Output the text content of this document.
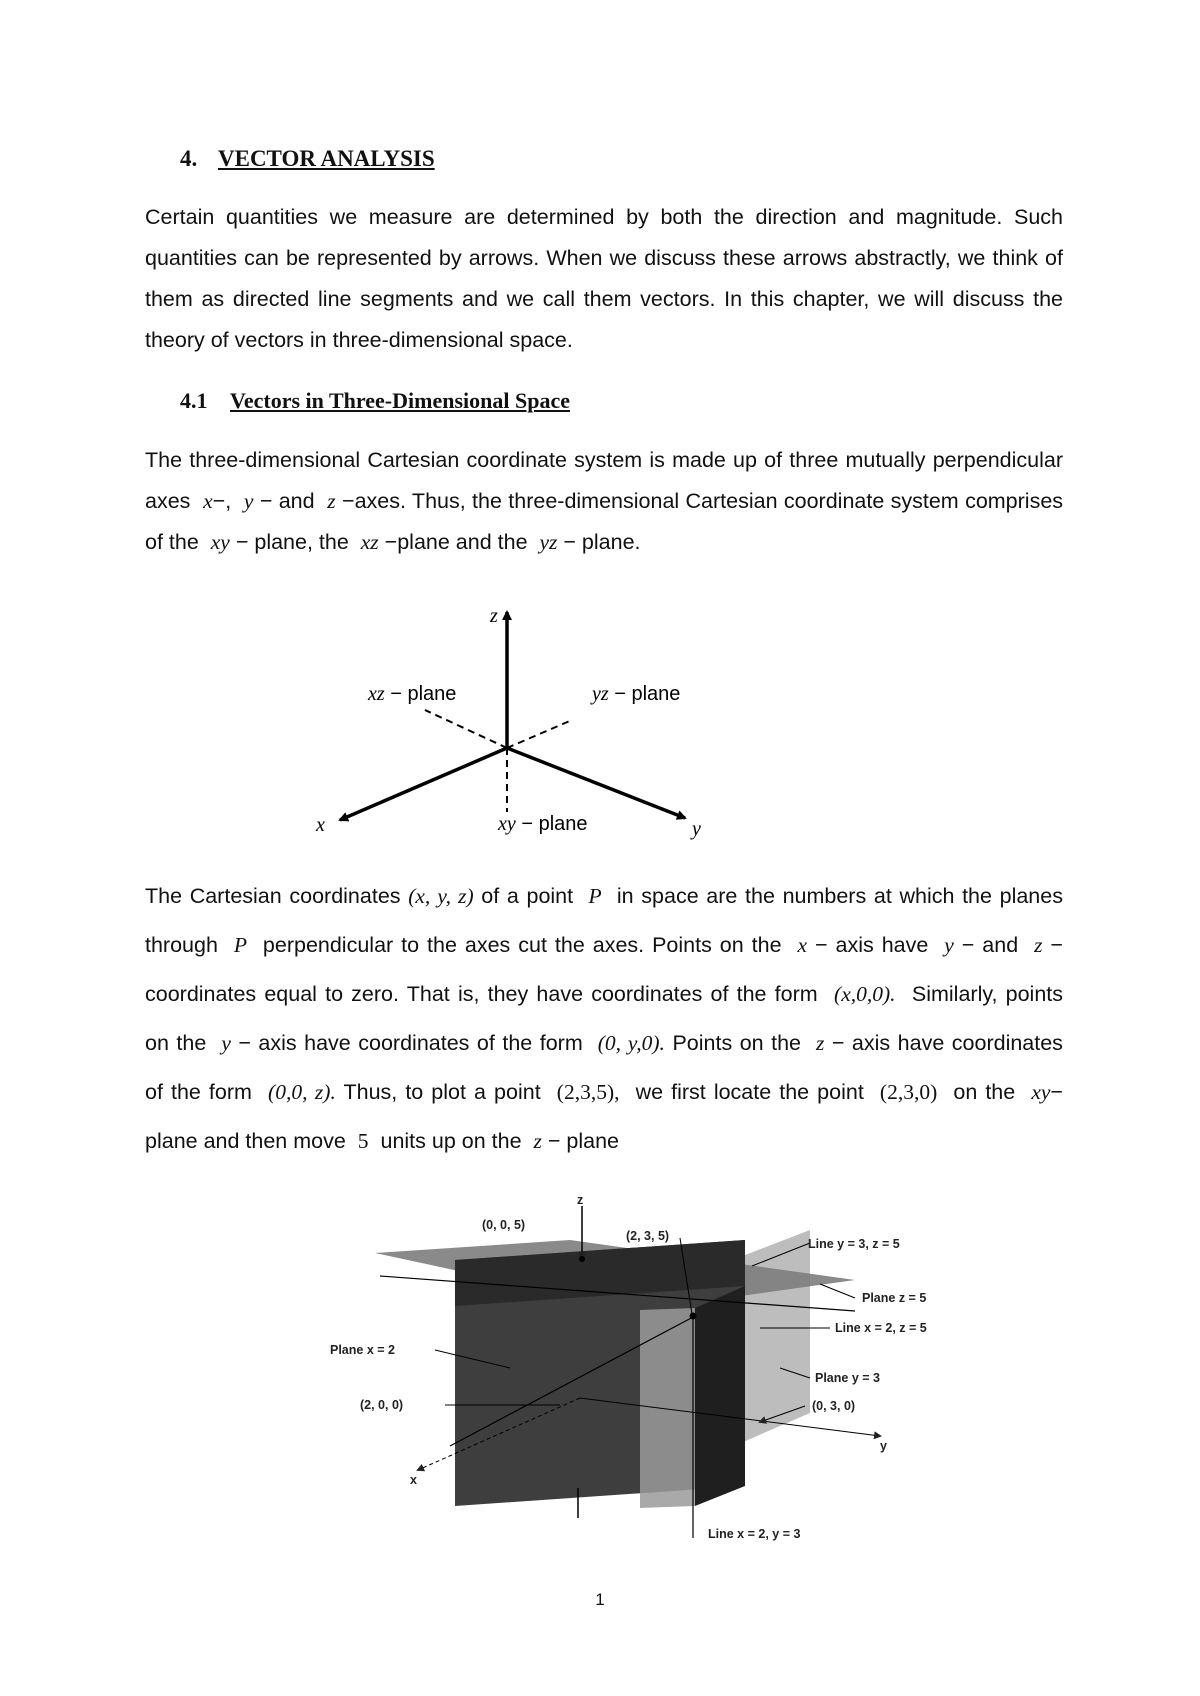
4. VECTOR ANALYSIS
Certain quantities we measure are determined by both the direction and magnitude. Such
quantities can be represented by arrows. When we discuss these arrows abstractly, we think of
them as directed line segments and we call them vectors. In this chapter, we will discuss the
theory of vectors in three-dimensional space.
4.1 Vectors in Three-Dimensional Space
The three-dimensional Cartesian coordinate system is made up of three mutually perpendicular
axes x−, y − and z −axes. Thus, the three-dimensional Cartesian coordinate system comprises
of the xy − plane, the xz −plane and the yz − plane.
z
x	y
xz − plane	yz − plane
xy − plane
The Cartesian coordinates (x, y, z) of a point P in space are the numbers at which the planes
through P perpendicular to the axes cut the axes. Points on the x − axis have y − and z −
coordinates equal to zero. That is, they have coordinates of the form (x,0,0). Similarly, points
on the y − axis have coordinates of the form (0, y,0). Points on the z − axis have coordinates
of the form (0,0, z). Thus, to plot a point (2,3,5), we first locate the point (2,3,0) on the xy−
plane and then move 5 units up on the z − plane
(0, 0, 5)
(2, 3, 5)
Line y = 3, z = 5
Plane z = 5
Line x = 2, z = 5
Plane x = 2
Plane y = 3
(2, 0, 0)	(0, 3, 0)
Line x = 2, y = 3
z
x
y
1
